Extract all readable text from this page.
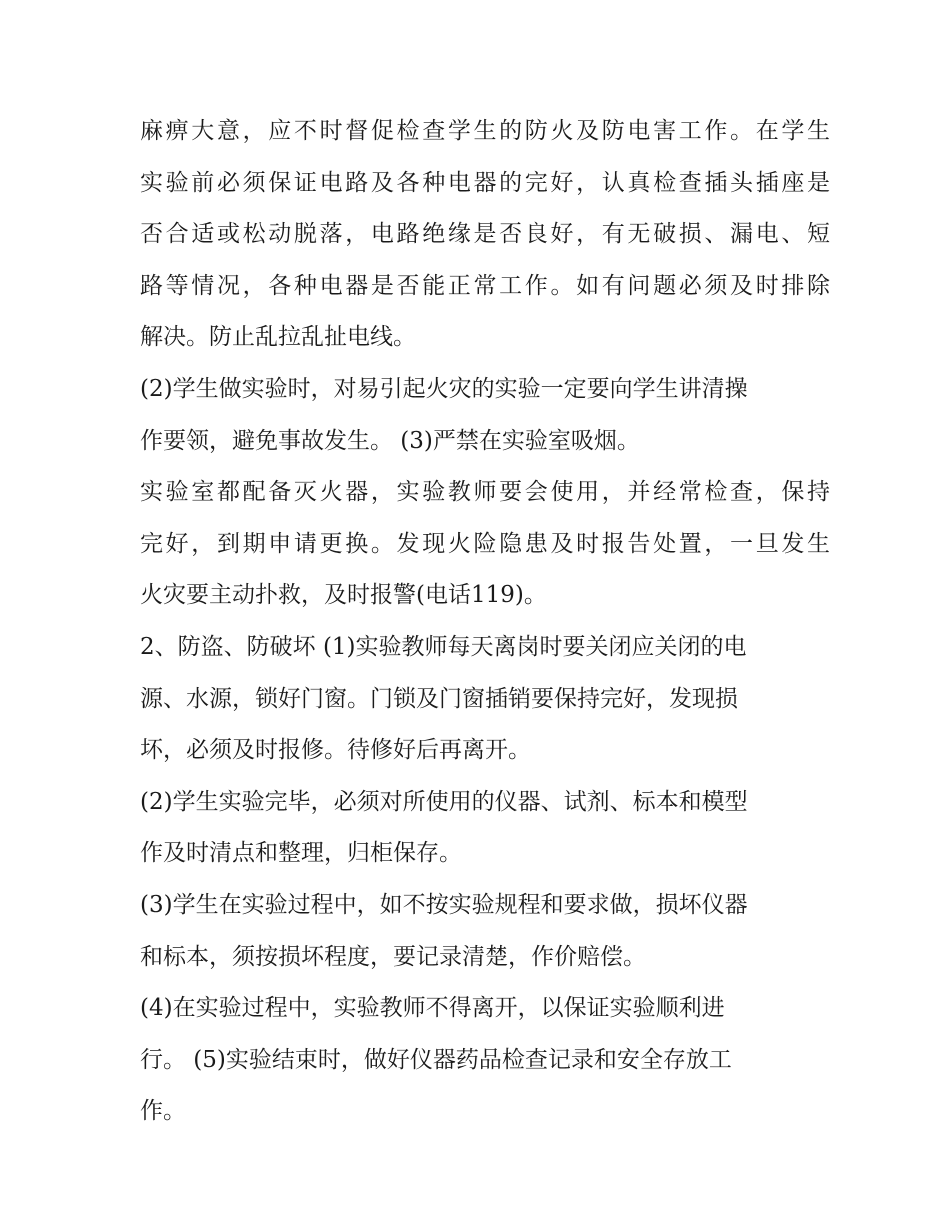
麻痹大意，应不时督促检查学生的防火及防电害工作。在学生
实验前必须保证电路及各种电器的完好，认真检查插头插座是
否合适或松动脱落，电路绝缘是否良好，有无破损、漏电、短
路等情况，各种电器是否能正常工作。如有问题必须及时排除
解决。防止乱拉乱扯电线。
(2)学生做实验时，对易引起火灾的实验一定要向学生讲清操
作要领，避免事故发生。 (3)严禁在实验室吸烟。
实验室都配备灭火器，实验教师要会使用，并经常检查，保持
完好，到期申请更换。发现火险隐患及时报告处置，一旦发生
火灾要主动扑救，及时报警(电话119)。
2、防盗、防破坏 (1)实验教师每天离岗时要关闭应关闭的电
源、水源，锁好门窗。门锁及门窗插销要保持完好，发现损
坏，必须及时报修。待修好后再离开。
(2)学生实验完毕，必须对所使用的仪器、试剂、标本和模型
作及时清点和整理，归柜保存。
(3)学生在实验过程中，如不按实验规程和要求做，损坏仪器
和标本，须按损坏程度，要记录清楚，作价赔偿。
(4)在实验过程中，实验教师不得离开，以保证实验顺利进
行。 (5)实验结束时，做好仪器药品检查记录和安全存放工
作。
